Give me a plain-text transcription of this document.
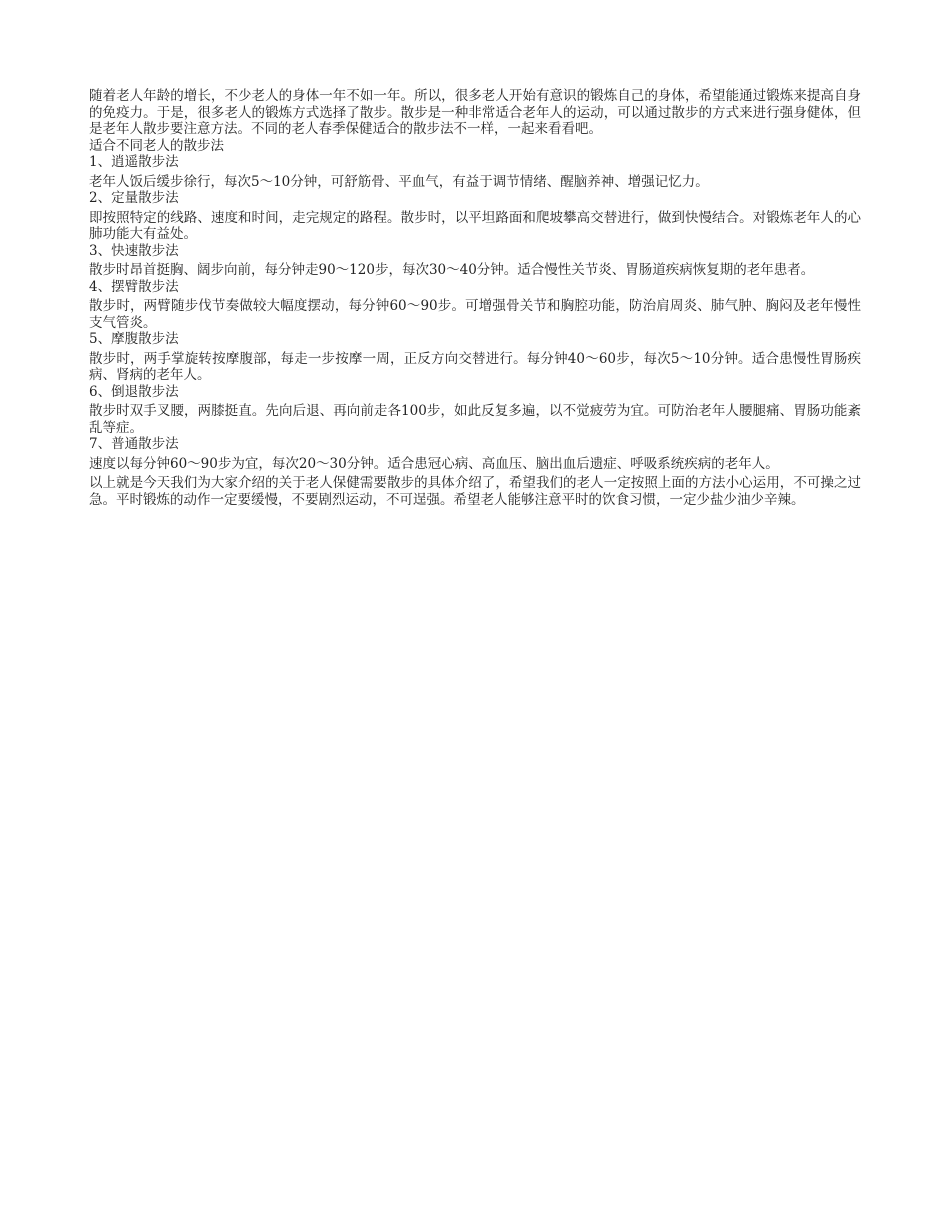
随着老人年龄的增长，不少老人的身体一年不如一年。所以，很多老人开始有意识的锻炼自己的身体，希望能通过锻炼来提高自身的免疫力。于是，很多老人的锻炼方式选择了散步。散步是一种非常适合老年人的运动，可以通过散步的方式来进行强身健体，但是老年人散步要注意方法。不同的老人春季保健适合的散步法不一样，一起来看看吧。

适合不同老人的散步法

1、逍遥散步法

老年人饭后缓步徐行，每次5～10分钟，可舒筋骨、平血气，有益于调节情绪、醒脑养神、增强记忆力。

2、定量散步法

即按照特定的线路、速度和时间，走完规定的路程。散步时，以平坦路面和爬坡攀高交替进行，做到快慢结合。对锻炼老年人的心肺功能大有益处。

3、快速散步法

散步时昂首挺胸、阔步向前，每分钟走90～120步，每次30～40分钟。适合慢性关节炎、胃肠道疾病恢复期的老年患者。

4、摆臂散步法

散步时，两臂随步伐节奏做较大幅度摆动，每分钟60～90步。可增强骨关节和胸腔功能，防治肩周炎、肺气肿、胸闷及老年慢性支气管炎。

5、摩腹散步法

散步时，两手掌旋转按摩腹部，每走一步按摩一周，正反方向交替进行。每分钟40～60步，每次5～10分钟。适合患慢性胃肠疾病、肾病的老年人。

6、倒退散步法

散步时双手叉腰，两膝挺直。先向后退、再向前走各100步，如此反复多遍，以不觉疲劳为宜。可防治老年人腰腿痛、胃肠功能紊乱等症。

7、普通散步法

速度以每分钟60～90步为宜，每次20～30分钟。适合患冠心病、高血压、脑出血后遗症、呼吸系统疾病的老年人。

以上就是今天我们为大家介绍的关于老人保健需要散步的具体介绍了，希望我们的老人一定按照上面的方法小心运用，不可操之过急。平时锻炼的动作一定要缓慢，不要剧烈运动，不可逞强。希望老人能够注意平时的饮食习惯，一定少盐少油少辛辣。
